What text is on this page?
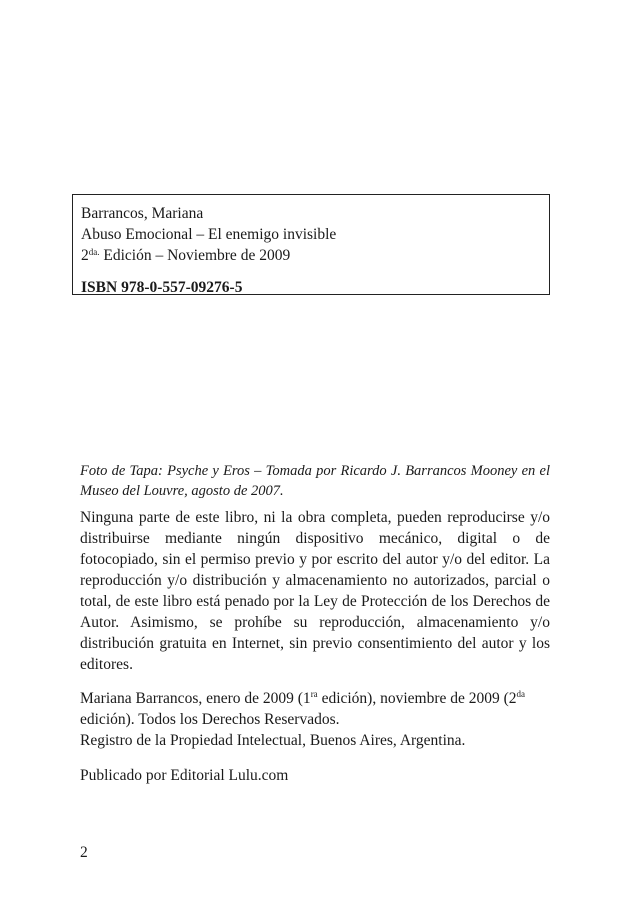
Barrancos, Mariana
Abuso Emocional – El enemigo invisible
$2^{da.}$ Edición – Noviembre de 2009
ISBN 978-0-557-09276-5
Foto de Tapa: Psyche y Eros – Tomada por Ricardo J. Barrancos Mooney en el Museo del Louvre, agosto de 2007.
Ninguna parte de este libro, ni la obra completa, pueden reproducirse y/o distribuirse mediante ningún dispositivo mecánico, digital o de fotocopiado, sin el permiso previo y por escrito del autor y/o del editor. La reproducción y/o distribución y almacenamiento no autorizados, parcial o total, de este libro está penado por la Ley de Protección de los Derechos de Autor. Asimismo, se prohíbe su reproducción, almacenamiento y/o distribución gratuita en Internet, sin previo consentimiento del autor y los editores.
Mariana Barrancos, enero de 2009 ($1^{ra}$ edición), noviembre de 2009 ($2^{da}$ edición). Todos los Derechos Reservados.
Registro de la Propiedad Intelectual, Buenos Aires, Argentina.
Publicado por Editorial Lulu.com
2
